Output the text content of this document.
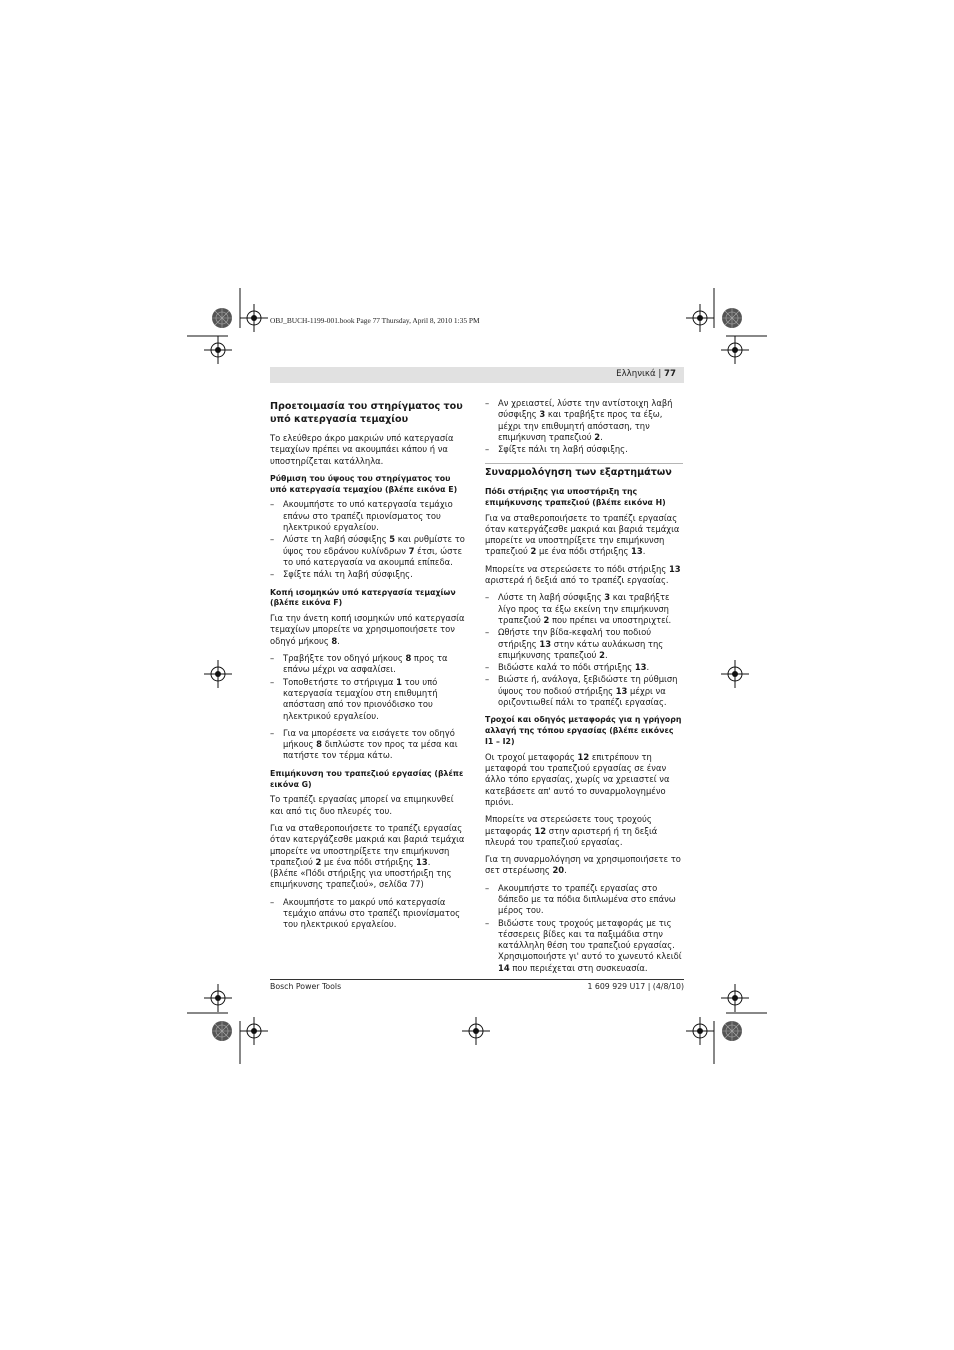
OBJ_BUCH-1199-001.book Page 77 Thursday, April 8, 2010 1:35 PM
Ελληνικά | 77
Προετοιμασία του στηρίγματος του υπό κατεργασία τεμαχίου

Το ελεύθερο άκρο μακριών υπό κατεργασία τεμαχίων πρέπει να ακουμπάει κάπου ή να υποστηρίζεται κατάλληλα.

Ρύθμιση του ύψους του στηρίγματος του υπό κατεργασία τεμαχίου (βλέπε εικόνα E)
– Ακουμπήστε το υπό κατεργασία τεμάχιο επάνω στο τραπέζι πριονίσματος του ηλεκτρικού εργαλείου.
– Λύστε τη λαβή σύσφιξης 5 και ρυθμίστε το ύψος του εδράνου κυλίνδρων 7 έτσι, ώστε το υπό κατεργασία να ακουμπά επίπεδα.
– Σφίξτε πάλι τη λαβή σύσφιξης.
Κοπή ισομηκών υπό κατεργασία τεμαχίων (βλέπε εικόνα F)

Για την άνετη κοπή ισομηκών υπό κατεργασία τεμαχίων μπορείτε να χρησιμοποιήσετε τον οδηγό μήκους 8.

– Τραβήξτε τον οδηγό μήκους 8 προς τα επάνω μέχρι να ασφαλίσει.
– Τοποθετήστε το στήριγμα 1 του υπό κατεργασία τεμαχίου στη επιθυμητή απόσταση από τον πριονόδισκο του ηλεκτρικού εργαλείου.
– Για να μπορέσετε να εισάγετε τον οδηγό μήκους 8 διπλώστε τον προς τα μέσα και πατήστε τον τέρμα κάτω.
Επιμήκυνση του τραπεζιού εργασίας (βλέπε εικόνα G)

Το τραπέζι εργασίας μπορεί να επιμηκυνθεί και από τις δυο πλευρές του.

Για να σταθεροποιήσετε το τραπέζι εργασίας όταν κατεργάζεσθε μακριά και βαριά τεμάχια μπορείτε να υποστηρίξετε την επιμήκυνση τραπεζιού 2 με ένα πόδι στήριξης 13.
(βλέπε «Πόδι στήριξης για υποστήριξη της επιμήκυνσης τραπεζιού», σελίδα 77)

– Ακουμπήστε το μακρύ υπό κατεργασία τεμάχιο απάνω στο τραπέζι πριονίσματος του ηλεκτρικού εργαλείου.
– Αν χρειαστεί, λύστε την αντίστοιχη λαβή σύσφιξης 3 και τραβήξτε προς τα έξω, μέχρι την επιθυμητή απόσταση, την επιμήκυνση τραπεζιού 2.
– Σφίξτε πάλι τη λαβή σύσφιξης.
Συναρμολόγηση των εξαρτημάτων
Πόδι στήριξης για υποστήριξη της επιμήκυνσης τραπεζιού (βλέπε εικόνα H)

Για να σταθεροποιήσετε το τραπέζι εργασίας όταν κατεργάζεσθε μακριά και βαριά τεμάχια μπορείτε να υποστηρίξετε την επιμήκυνση τραπεζιού 2 με ένα πόδι στήριξης 13.

Μπορείτε να στερεώσετε το πόδι στήριξης 13 αριστερά ή δεξιά από το τραπέζι εργασίας.

– Λύστε τη λαβή σύσφιξης 3 και τραβήξτε λίγο προς τα έξω εκείνη την επιμήκυνση τραπεζιού 2 που πρέπει να υποστηριχτεί.
– Ωθήστε την βίδα-κεφαλή του ποδιού στήριξης 13 στην κάτω αυλάκωση της επιμήκυνσης τραπεζιού 2.
– Βιδώστε καλά το πόδι στήριξης 13.
– Βιώστε ή, ανάλογα, ξεβιδώστε τη ρύθμιση ύψους του ποδιού στήριξης 13 μέχρι να οριζοντιωθεί πάλι το τραπέζι εργασίας.
Τροχοί και οδηγός μεταφοράς για η γρήγορη αλλαγή της τόπου εργασίας (βλέπε εικόνες I1 – I2)

Οι τροχοί μεταφοράς 12 επιτρέπουν τη μεταφορά του τραπεζιού εργασίας σε έναν άλλο τόπο εργασίας, χωρίς να χρειαστεί να κατεβάσετε απ' αυτό το συναρμολογημένο πριόνι.

Μπορείτε να στερεώσετε τους τροχούς μεταφοράς 12 στην αριστερή ή τη δεξιά πλευρά του τραπεζιού εργασίας.

Για τη συναρμολόγηση να χρησιμοποιήσετε το σετ στερέωσης 20.

– Ακουμπήστε το τραπέζι εργασίας στο δάπεδο με τα πόδια διπλωμένα στο επάνω μέρος του.
– Βιδώστε τους τροχούς μεταφοράς με τις τέσσερεις βίδες και τα παξιμάδια στην κατάλληλη θέση του τραπεζιού εργασίας. Χρησιμοποιήστε γι' αυτό το χωνευτό κλειδί 14 που περιέχεται στη συσκευασία.
Bosch Power Tools	1 609 929 U17 | (4/8/10)
